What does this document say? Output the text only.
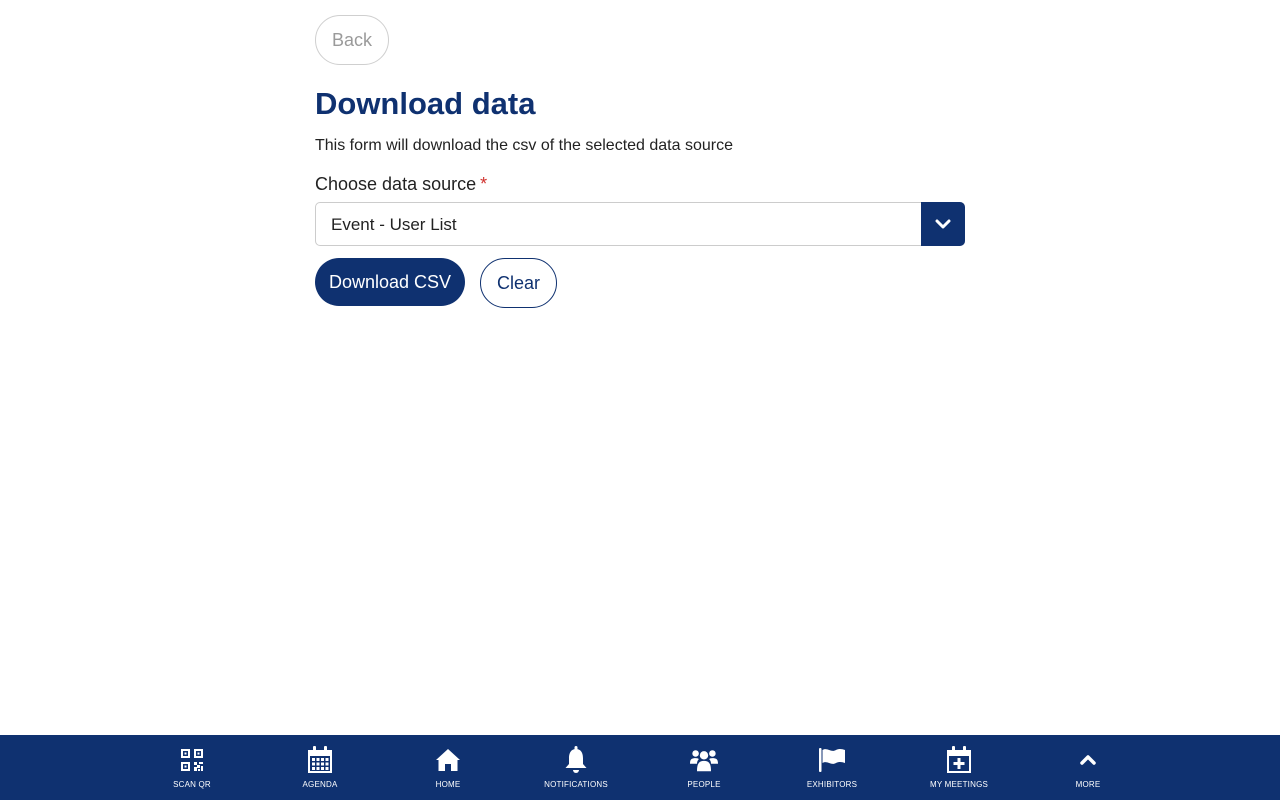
Back
Download data
This form will download the csv of the selected data source
Choose data source *
Event - User List
Download CSV	Clear
SCAN QR	AGENDA	HOME	NOTIFICATIONS	PEOPLE	EXHIBITORS	MY MEETINGS	MORE
